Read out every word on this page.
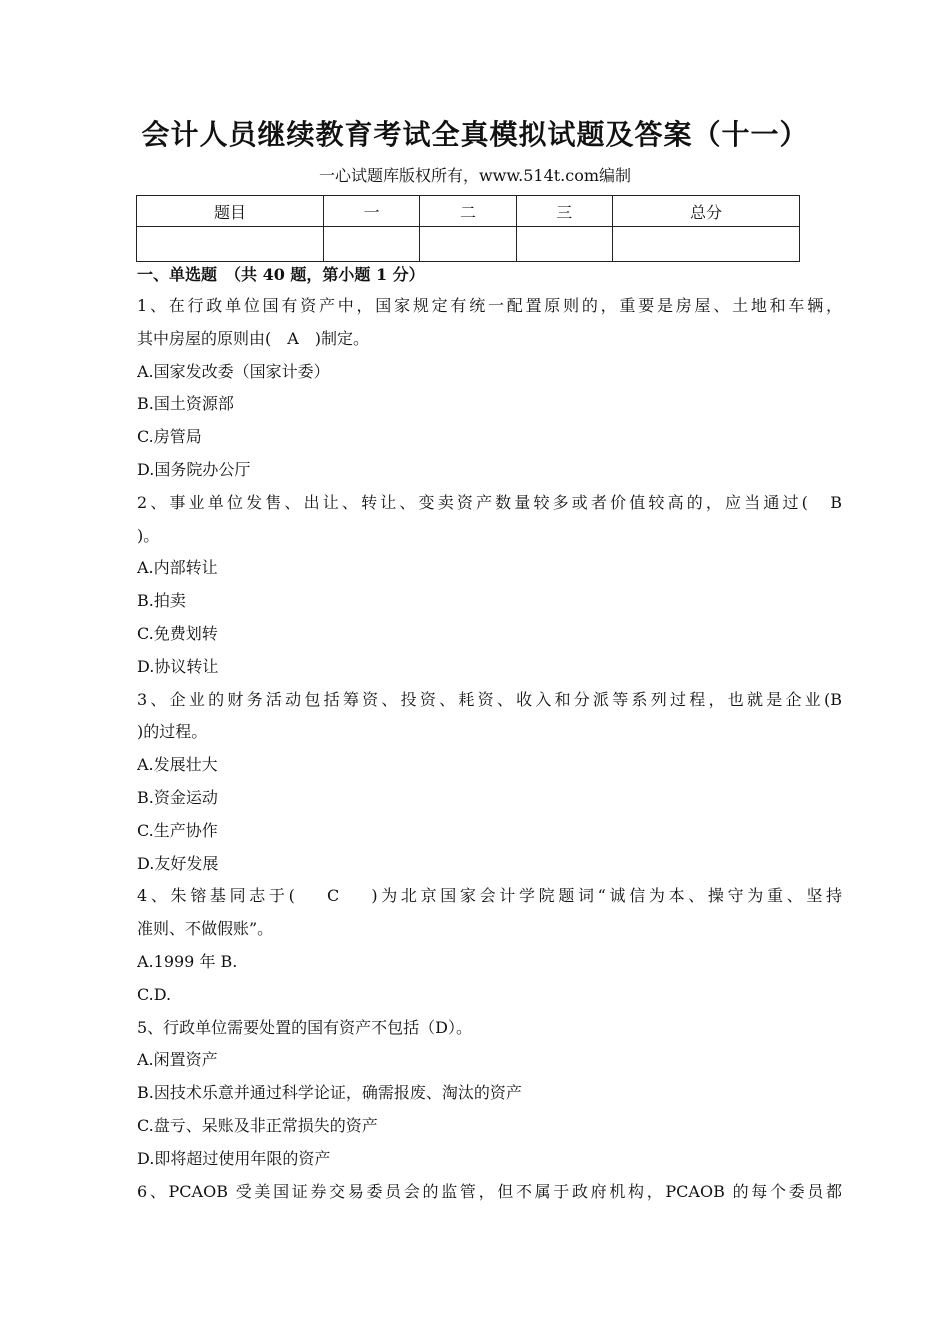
会计人员继续教育考试全真模拟试题及答案（十一）
一心试题库版权所有，www.514t.com编制
题目	一	二	三	总分

一、单选题　（共 40 题，第小题 1 分）
1、在行政单位国有资产中，国家规定有统一配置原则的，重要是房屋、土地和车辆，
其中房屋的原则由(　A　)制定。
A.国家发改委（国家计委）
B.国土资源部
C.房管局
D.国务院办公厅
2、事业单位发售、出让、转让、变卖资产数量较多或者价值较高的，应当通过(　B
)。
A.内部转让
B.拍卖
C.免费划转
D.协议转让
3、企业的财务活动包括筹资、投资、耗资、收入和分派等系列过程，也就是企业(B
)的过程。
A.发展壮大
B.资金运动
C.生产协作
D.友好发展
4、朱镕基同志于(　 C　 )为北京国家会计学院题词“诚信为本、操守为重、坚持
准则、不做假账”。
A.1999 年 B.
C.D.
5、行政单位需要处置的国有资产不包括（D）。
A.闲置资产
B.因技术乐意并通过科学论证，确需报废、淘汰的资产
C.盘亏、呆账及非正常损失的资产
D.即将超过使用年限的资产
6、PCAOB 受美国证券交易委员会的监管，但不属于政府机构，PCAOB 的每个委员都
